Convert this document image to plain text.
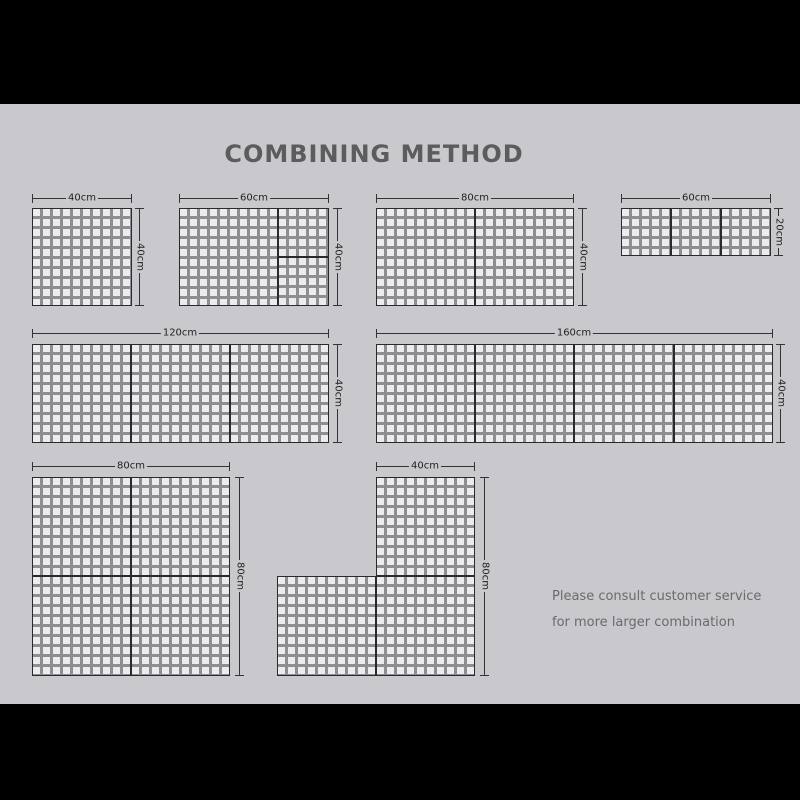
COMBINING METHOD
40cm
40cm
60cm
40cm
80cm
40cm
60cm
20cm
120cm
40cm
160cm
40cm
80cm
80cm
40cm
80cm
Please consult customer service
for more larger combination
